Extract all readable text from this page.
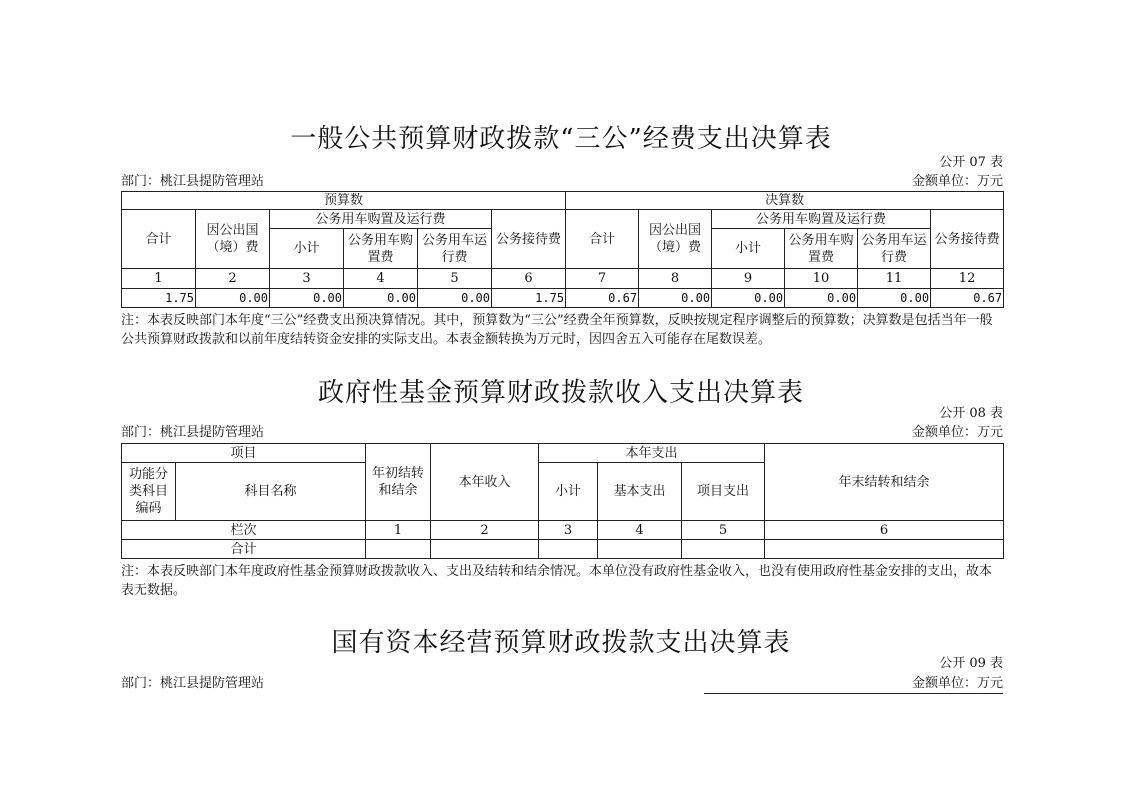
一般公共预算财政拨款“三公”经费支出决算表
公开 07 表
部门：桃江县提防管理站	金额单位：万元
预算数						决算数					
合计	因公出国（境）费	公务用车购置及运行费			公务接待费	合计	因公出国（境）费	公务用车购置及运行费			公务接待费
		小计	公务用车购置费	公务用车运行费				小计	公务用车购置费	公务用车运行费	
1	2	3	4	5	6	7	8	9	10	11	12
1.75	0.00	0.00	0.00	0.00	1.75	0.67	0.00	0.00	0.00	0.00	0.67
注：本表反映部门本年度“三公”经费支出预决算情况。其中，预算数为“三公”经费全年预算数，反映按规定程序调整后的预算数；决算数是包括当年一般公共预算财政拨款和以前年度结转资金安排的实际支出。本表金额转换为万元时，因四舍五入可能存在尾数误差。
政府性基金预算财政拨款收入支出决算表
公开 08 表
部门：桃江县提防管理站	金额单位：万元
项目		年初结转和结余	本年收入	本年支出			年末结转和结余
功能分类科目编码	科目名称			小计	基本支出	项目支出	
栏次		1	2	3	4	5	6
合计							
注：本表反映部门本年度政府性基金预算财政拨款收入、支出及结转和结余情况。本单位没有政府性基金收入，也没有使用政府性基金安排的支出，故本表无数据。
国有资本经营预算财政拨款支出决算表
公开 09 表
部门：桃江县提防管理站	金额单位：万元
